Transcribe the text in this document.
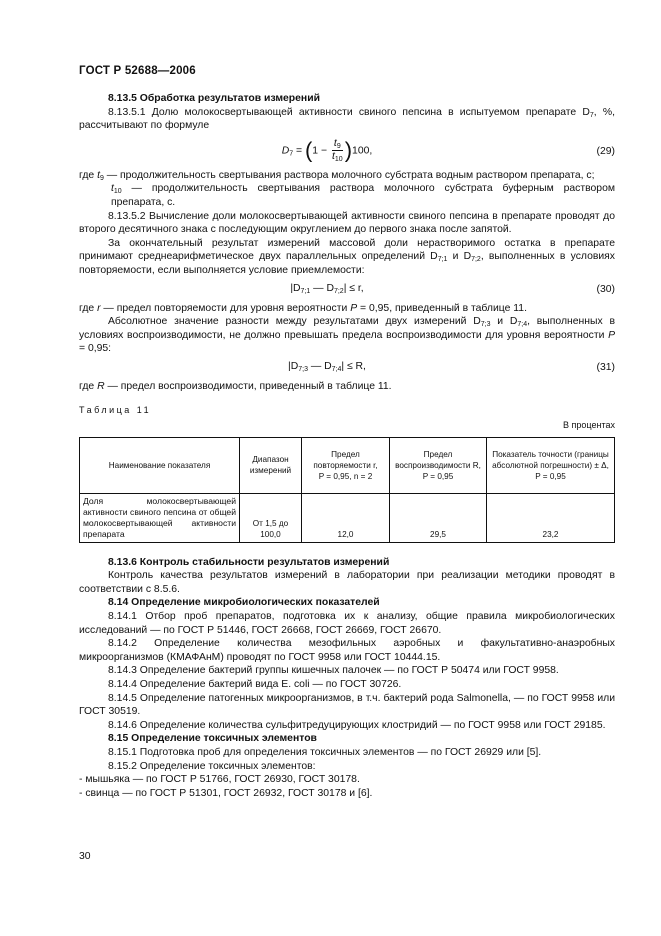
ГОСТ Р 52688—2006

8.13.5 Обработка результатов измерений

8.13.5.1 Долю молокосвертывающей активности свиного пепсина в испытуемом препарате $D_7$, %, рассчитывают по формуле

$D_7 = (1 - \frac{t_9}{t_{10}} )100$,	(29)

где $t_9$ — продолжительность свертывания раствора молочного субстрата водным раствором препарата, с;

$t_{10}$ — продолжительность свертывания раствора молочного субстрата буферным раствором препарата, с.

8.13.5.2 Вычисление доли молокосвертывающей активности свиного пепсина в препарате проводят до второго десятичного знака с последующим округлением до первого знака после запятой.

За окончательный результат измерений массовой доли нерастворимого остатка в препарате принимают среднеарифметическое двух параллельных определений $D_{7;1}$ и $D_{7;2}$, выполненных в условиях повторяемости, если выполняется условие приемлемости:

$|D_{7;1}$ — $D_{7;2}| \le r$,	(30)

где r — предел повторяемости для уровня вероятности P = 0,95, приведенный в таблице 11.

Абсолютное значение разности между результатами двух измерений $D_{7;3}$ и $D_{7;4}$, выполненных в условиях воспроизводимости, не должно превышать предела воспроизводимости для уровня вероятности P = 0,95:

$|D_{7;3}$ — $D_{7;4}| \le R$,	(31)

где R — предел воспроизводимости, приведенный в таблице 11.

Таблица 11
В процентах
Наименование показателя	Диапазон измерений	Предел повторяемости r,
P = 0,95, n = 2	Предел воспроизводимости R,
P = 0,95	Показатель точности (границы абсолютной погрешности) ± Δ,
P = 0,95
Доля молокосвертывающей активности свиного пепсина от общей молокосвертывающей активности препарата	От 1,5 до 100,0	12,0	29,5	23,2

8.13.6 Контроль стабильности результатов измерений

Контроль качества результатов измерений в лаборатории при реализации методики проводят в соответствии с 8.5.6.

8.14 Определение микробиологических показателей

8.14.1 Отбор проб препаратов, подготовка их к анализу, общие правила микробиологических исследований — по ГОСТ Р 51446, ГОСТ 26668, ГОСТ 26669, ГОСТ 26670.

8.14.2 Определение количества мезофильных аэробных и факультативно-анаэробных микроорганизмов (КМАФАнМ) проводят по ГОСТ 9958 или ГОСТ 10444.15.

8.14.3 Определение бактерий группы кишечных палочек — по ГОСТ Р 50474 или ГОСТ 9958.

8.14.4 Определение бактерий вида E. coli — по ГОСТ 30726.

8.14.5 Определение патогенных микроорганизмов, в т.ч. бактерий рода Salmonella, — по ГОСТ 9958 или ГОСТ 30519.

8.14.6 Определение количества сульфитредуцирующих клостридий — по ГОСТ 9958 или ГОСТ 29185.

8.15 Определение токсичных элементов

8.15.1 Подготовка проб для определения токсичных элементов — по ГОСТ 26929 или [5].

8.15.2 Определение токсичных элементов:

- мышьяка — по ГОСТ Р 51766, ГОСТ 26930, ГОСТ 30178.

- свинца — по ГОСТ Р 51301, ГОСТ 26932, ГОСТ 30178 и [6].

30
